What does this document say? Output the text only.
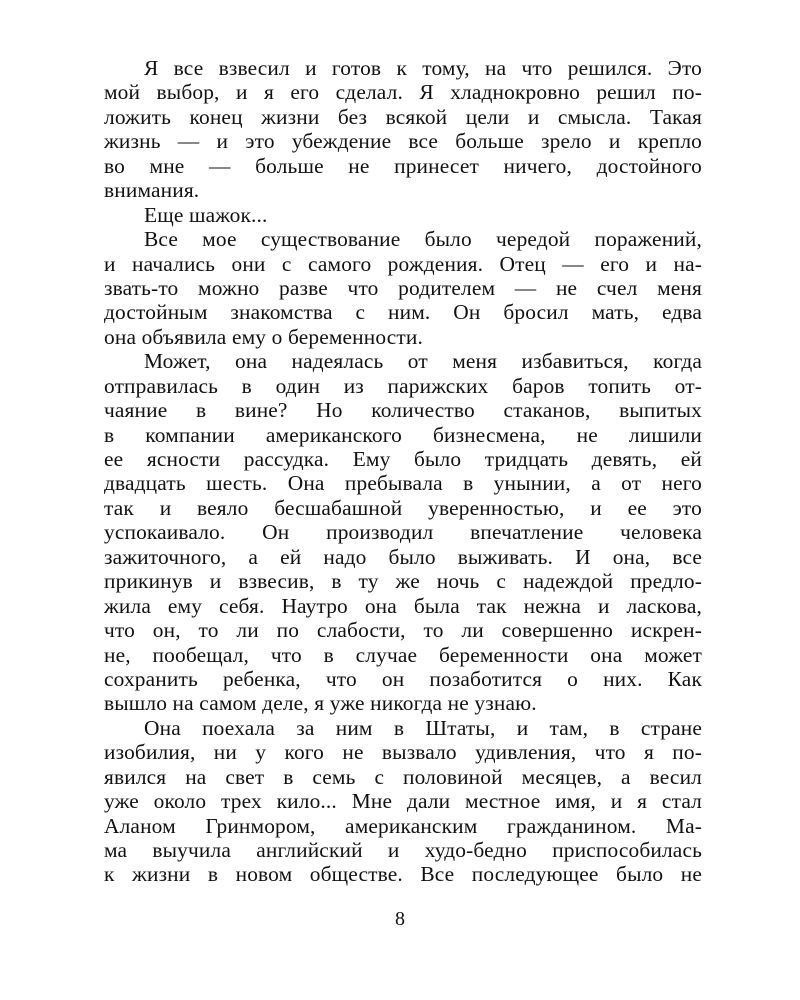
Я все взвесил и готов к тому, на что решился. Это
мой выбор, и я его сделал. Я хладнокровно решил по-
ложить конец жизни без всякой цели и смысла. Такая
жизнь — и это убеждение все больше зрело и крепло
во мне — больше не принесет ничего, достойного
внимания.
Еще шажок...
Все мое существование было чередой поражений,
и начались они с самого рождения. Отец — его и на-
звать-то можно разве что родителем — не счел меня
достойным знакомства с ним. Он бросил мать, едва
она объявила ему о беременности.
Может, она надеялась от меня избавиться, когда
отправилась в один из парижских баров топить от-
чаяние в вине? Но количество стаканов, выпитых
в компании американского бизнесмена, не лишили
ее ясности рассудка. Ему было тридцать девять, ей
двадцать шесть. Она пребывала в унынии, а от него
так и веяло бесшабашной уверенностью, и ее это
успокаивало. Он производил впечатление человека
зажиточного, а ей надо было выживать. И она, все
прикинув и взвесив, в ту же ночь с надеждой предло-
жила ему себя. Наутро она была так нежна и ласкова,
что он, то ли по слабости, то ли совершенно искрен-
не, пообещал, что в случае беременности она может
сохранить ребенка, что он позаботится о них. Как
вышло на самом деле, я уже никогда не узнаю.
Она поехала за ним в Штаты, и там, в стране
изобилия, ни у кого не вызвало удивления, что я по-
явился на свет в семь с половиной месяцев, а весил
уже около трех кило... Мне дали местное имя, и я стал
Аланом Гринмором, американским гражданином. Ма-
ма выучила английский и худо-бедно приспособилась
к жизни в новом обществе. Все последующее было не
8
